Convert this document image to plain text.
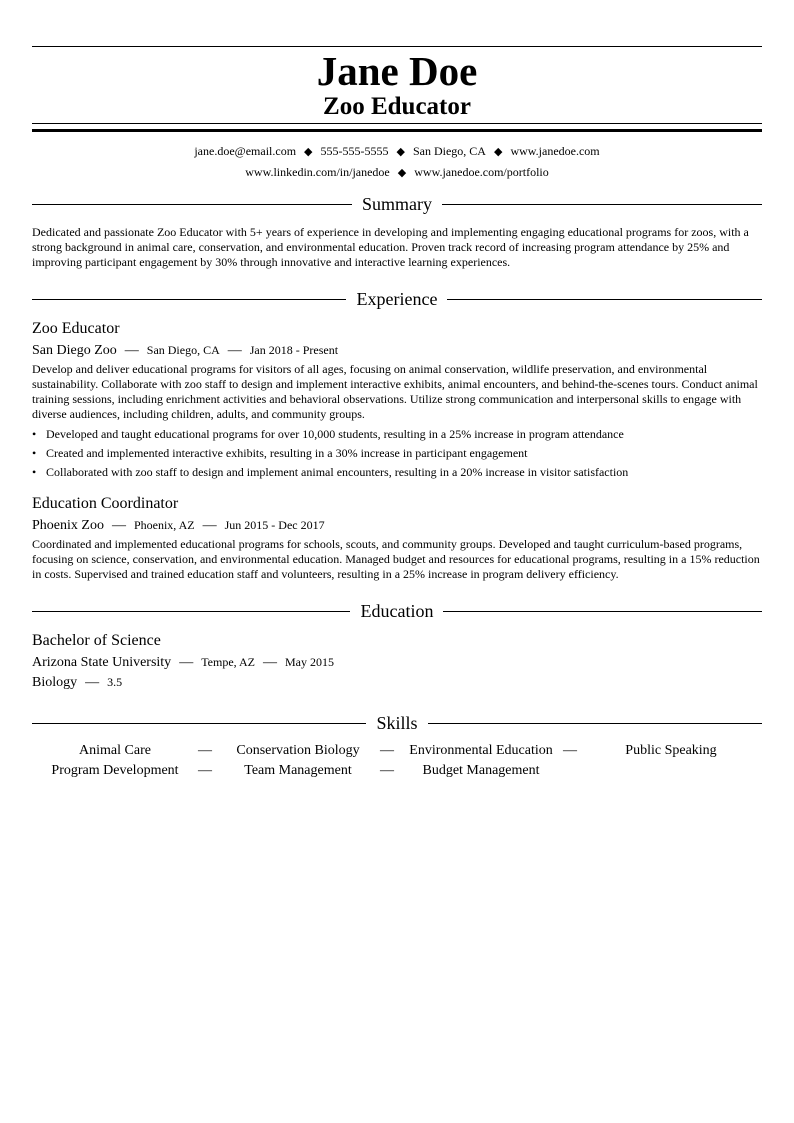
Jane Doe
Zoo Educator
jane.doe@email.com ◆ 555-555-5555 ◆ San Diego, CA ◆ www.janedoe.com
www.linkedin.com/in/janedoe ◆ www.janedoe.com/portfolio
Summary
Dedicated and passionate Zoo Educator with 5+ years of experience in developing and implementing engaging educational programs for zoos, with a strong background in animal care, conservation, and environmental education. Proven track record of increasing program attendance by 25% and improving participant engagement by 30% through innovative and interactive learning experiences.
Experience
Zoo Educator
San Diego Zoo — San Diego, CA — Jan 2018 - Present
Develop and deliver educational programs for visitors of all ages, focusing on animal conservation, wildlife preservation, and environmental sustainability. Collaborate with zoo staff to design and implement interactive exhibits, animal encounters, and behind-the-scenes tours. Conduct animal training sessions, including enrichment activities and behavioral observations. Utilize strong communication and interpersonal skills to engage with diverse audiences, including children, adults, and community groups.
• Developed and taught educational programs for over 10,000 students, resulting in a 25% increase in program attendance
• Created and implemented interactive exhibits, resulting in a 30% increase in participant engagement
• Collaborated with zoo staff to design and implement animal encounters, resulting in a 20% increase in visitor satisfaction
Education Coordinator
Phoenix Zoo — Phoenix, AZ — Jun 2015 - Dec 2017
Coordinated and implemented educational programs for schools, scouts, and community groups. Developed and taught curriculum-based programs, focusing on science, conservation, and environmental education. Managed budget and resources for educational programs, resulting in a 15% reduction in costs. Supervised and trained education staff and volunteers, resulting in a 25% increase in program delivery efficiency.
Education
Bachelor of Science
Arizona State University — Tempe, AZ — May 2015
Biology — 3.5
Skills
Animal Care	—	Conservation Biology	—	Environmental Education —	Public Speaking
Program Development	—	Team Management	—	Budget Management
